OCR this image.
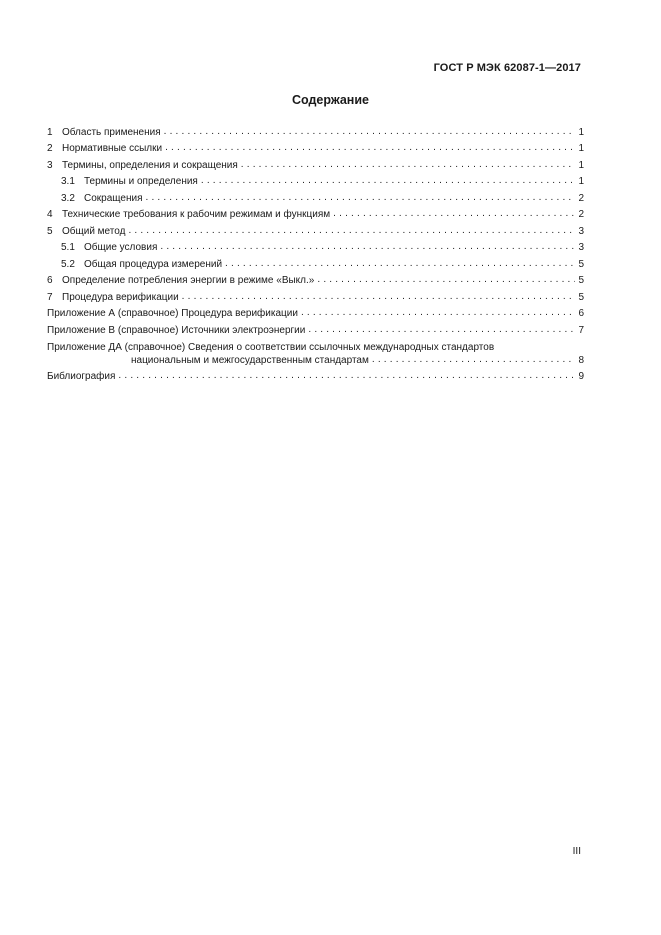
ГОСТ Р МЭК 62087-1—2017
Содержание
1 Область применения . . .	1
2 Нормативные ссылки . . .	1
3 Термины, определения и сокращения . . .	1
3.1 Термины и определения . . .	1
3.2 Сокращения . . .	2
4 Технические требования к рабочим режимам и функциям . . .	2
5 Общий метод . . .	3
5.1 Общие условия . . .	3
5.2 Общая процедура измерений . . .	5
6 Определение потребления энергии в режиме «Выкл.» . . .	5
7 Процедура верификации . . .	5
Приложение А (справочное) Процедура верификации . . .	6
Приложение В (справочное) Источники электроэнергии . . .	7
Приложение ДА (справочное) Сведения о соответствии ссылочных международных стандартов
национальным и межгосударственным стандартам . . .	8
Библиография . . .	9
III
